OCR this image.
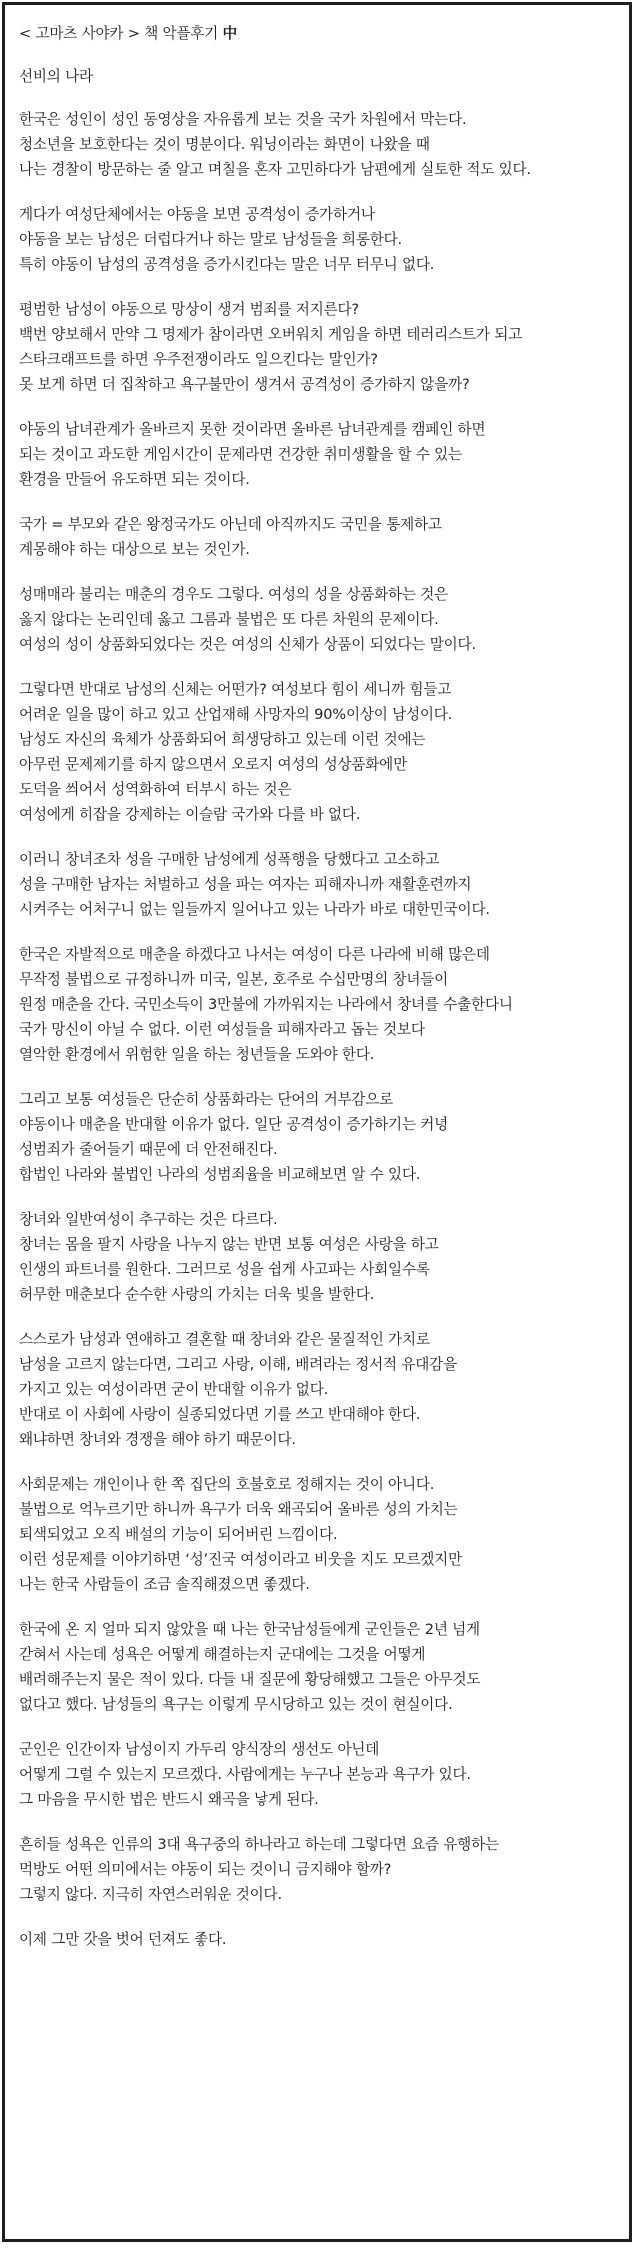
< 고마츠 사야카 > 책 악플후기 中
선비의 나라
한국은 성인이 성인 동영상을 자유롭게 보는 것을 국가 차원에서 막는다.
청소년을 보호한다는 것이 명분이다. 워닝이라는 화면이 나왔을 때
나는 경찰이 방문하는 줄 알고 며칠을 혼자 고민하다가 남편에게 실토한 적도 있다.
게다가 여성단체에서는 야동을 보면 공격성이 증가하거나
야동을 보는 남성은 더럽다거나 하는 말로 남성들을 희롱한다.
특히 야동이 남성의 공격성을 증가시킨다는 말은 너무 터무니 없다.
평범한 남성이 야동으로 망상이 생겨 범죄를 저지른다?
백번 양보해서 만약 그 명제가 참이라면 오버워치 게임을 하면 테러리스트가 되고
스타크래프트를 하면 우주전쟁이라도 일으킨다는 말인가?
못 보게 하면 더 집착하고 욕구불만이 생겨서 공격성이 증가하지 않을까?
야동의 남녀관계가 올바르지 못한 것이라면 올바른 남녀관계를 캠페인 하면
되는 것이고 과도한 게임시간이 문제라면 건강한 취미생활을 할 수 있는
환경을 만들어 유도하면 되는 것이다.
국가 = 부모와 같은 왕정국가도 아닌데 아직까지도 국민을 통제하고
계몽해야 하는 대상으로 보는 것인가.
성매매라 불리는 매춘의 경우도 그렇다. 여성의 성을 상품화하는 것은
옳지 않다는 논리인데 옳고 그름과 불법은 또 다른 차원의 문제이다.
여성의 성이 상품화되었다는 것은 여성의 신체가 상품이 되었다는 말이다.
그렇다면 반대로 남성의 신체는 어떤가? 여성보다 힘이 세니까 힘들고
어려운 일을 많이 하고 있고 산업재해 사망자의 90%이상이 남성이다.
남성도 자신의 육체가 상품화되어 희생당하고 있는데 이런 것에는
아무런 문제제기를 하지 않으면서 오로지 여성의 성상품화에만
도덕을 씌어서 성역화하여 터부시 하는 것은
여성에게 히잡을 강제하는 이슬람 국가와 다를 바 없다.
이러니 창녀조차 성을 구매한 남성에게 성폭행을 당했다고 고소하고
성을 구매한 남자는 처벌하고 성을 파는 여자는 피해자니까 재활훈련까지
시켜주는 어처구니 없는 일들까지 일어나고 있는 나라가 바로 대한민국이다.
한국은 자발적으로 매춘을 하겠다고 나서는 여성이 다른 나라에 비해 많은데
무작정 불법으로 규정하니까 미국, 일본, 호주로 수십만명의 창녀들이
원정 매춘을 간다. 국민소득이 3만불에 가까워지는 나라에서 창녀를 수출한다니
국가 망신이 아닐 수 없다. 이런 여성들을 피해자라고 돕는 것보다
열악한 환경에서 위험한 일을 하는 청년들을 도와야 한다.
그리고 보통 여성들은 단순히 상품화라는 단어의 거부감으로
야동이나 매춘을 반대할 이유가 없다. 일단 공격성이 증가하기는 커녕
성범죄가 줄어들기 때문에 더 안전해진다.
합법인 나라와 불법인 나라의 성범죄율을 비교해보면 알 수 있다.
창녀와 일반여성이 추구하는 것은 다르다.
창녀는 몸을 팔지 사랑을 나누지 않는 반면 보통 여성은 사랑을 하고
인생의 파트너를 원한다. 그러므로 성을 쉽게 사고파는 사회일수록
허무한 매춘보다 순수한 사랑의 가치는 더욱 빛을 발한다.
스스로가 남성과 연애하고 결혼할 때 창녀와 같은 물질적인 가치로
남성을 고르지 않는다면, 그리고 사랑, 이해, 배려라는 정서적 유대감을
가지고 있는 여성이라면 굳이 반대할 이유가 없다.
반대로 이 사회에 사랑이 실종되었다면 기를 쓰고 반대해야 한다.
왜냐하면 창녀와 경쟁을 해야 하기 때문이다.
사회문제는 개인이나 한 쪽 집단의 호불호로 정해지는 것이 아니다.
불법으로 억누르기만 하니까 욕구가 더욱 왜곡되어 올바른 성의 가치는
퇴색되었고 오직 배설의 기능이 되어버린 느낌이다.
이런 성문제를 이야기하면 ‘성’진국 여성이라고 비웃을 지도 모르겠지만
나는 한국 사람들이 조금 솔직해졌으면 좋겠다.
한국에 온 지 얼마 되지 않았을 때 나는 한국남성들에게 군인들은 2년 넘게
갇혀서 사는데 성욕은 어떻게 해결하는지 군대에는 그것을 어떻게
배려해주는지 물은 적이 있다. 다들 내 질문에 황당해했고 그들은 아무것도
없다고 했다. 남성들의 욕구는 이렇게 무시당하고 있는 것이 현실이다.
군인은 인간이자 남성이지 가두리 양식장의 생선도 아닌데
어떻게 그럴 수 있는지 모르겠다. 사람에게는 누구나 본능과 욕구가 있다.
그 마음을 무시한 법은 반드시 왜곡을 낳게 된다.
흔히들 성욕은 인류의 3대 욕구중의 하나라고 하는데 그렇다면 요즘 유행하는
먹방도 어떤 의미에서는 야동이 되는 것이니 금지해야 할까?
그렇지 않다. 지극히 자연스러워운 것이다.
이제 그만 갓을 벗어 던져도 좋다.
